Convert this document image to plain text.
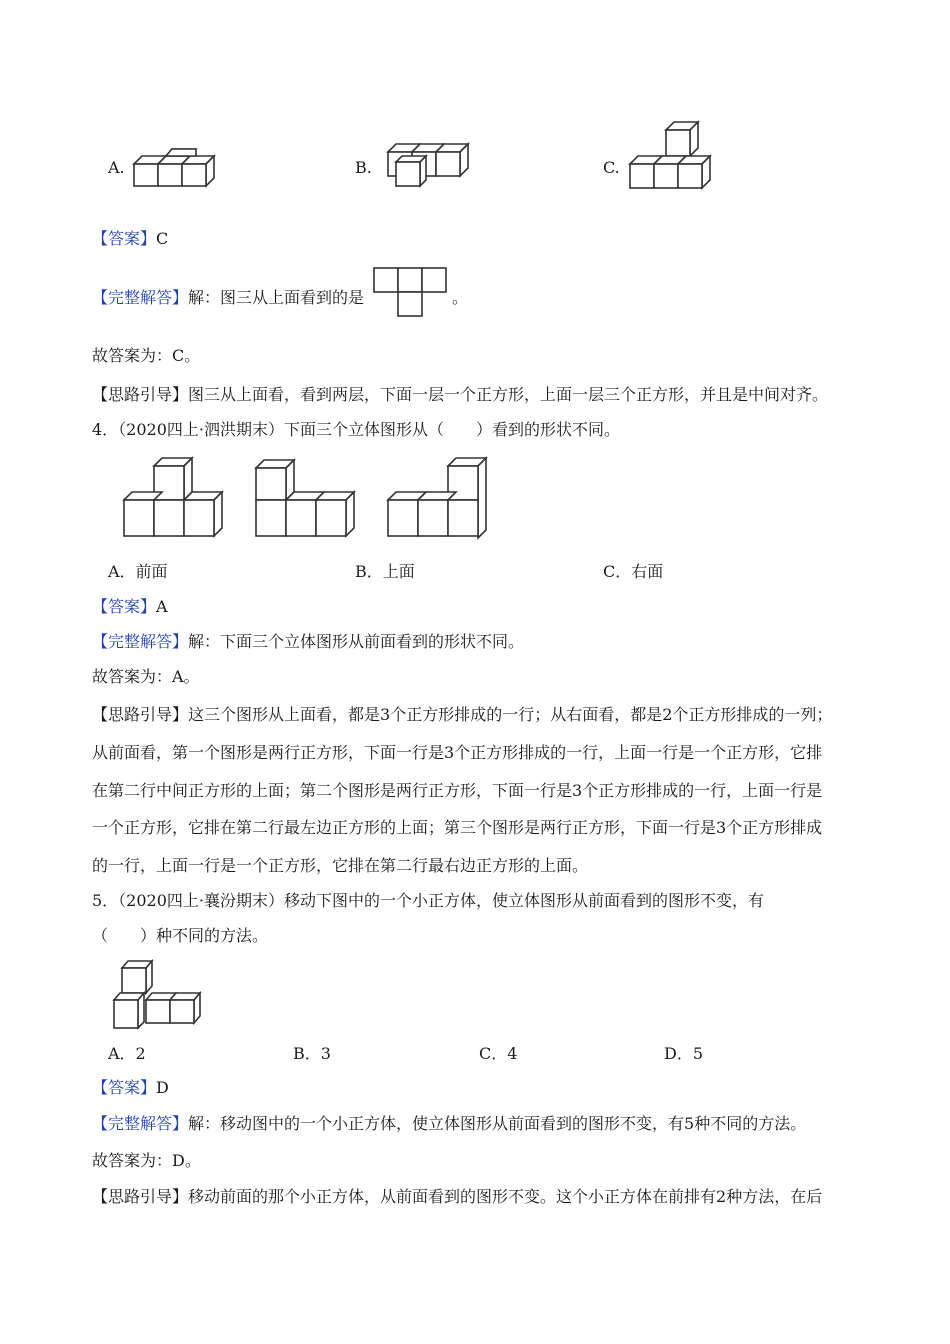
A.	B.	C.
【答案】C
【完整解答】解：图三从上面看到的是	。
故答案为：C。
【思路引导】图三从上面看，看到两层，下面一层一个正方形，上面一层三个正方形，并且是中间对齐。
4．（2020四上·泗洪期末）下面三个立体图形从（　　）看到的形状不同。
A．前面	B．上面	C．右面
【答案】A
【完整解答】解：下面三个立体图形从前面看到的形状不同。
故答案为：A。
【思路引导】这三个图形从上面看，都是3个正方形排成的一行；从右面看，都是2个正方形排成的一列；
从前面看，第一个图形是两行正方形，下面一行是3个正方形排成的一行，上面一行是一个正方形，它排
在第二行中间正方形的上面；第二个图形是两行正方形，下面一行是3个正方形排成的一行，上面一行是
一个正方形，它排在第二行最左边正方形的上面；第三个图形是两行正方形，下面一行是3个正方形排成
的一行，上面一行是一个正方形，它排在第二行最右边正方形的上面。
5．（2020四上·襄汾期末）移动下图中的一个小正方体，使立体图形从前面看到的图形不变，有
（　　）种不同的方法。
A．2	B．3	C．4	D．5
【答案】D
【完整解答】解：移动图中的一个小正方体，使立体图形从前面看到的图形不变，有5种不同的方法。
故答案为：D。
【思路引导】移动前面的那个小正方体，从前面看到的图形不变。这个小正方体在前排有2种方法，在后
